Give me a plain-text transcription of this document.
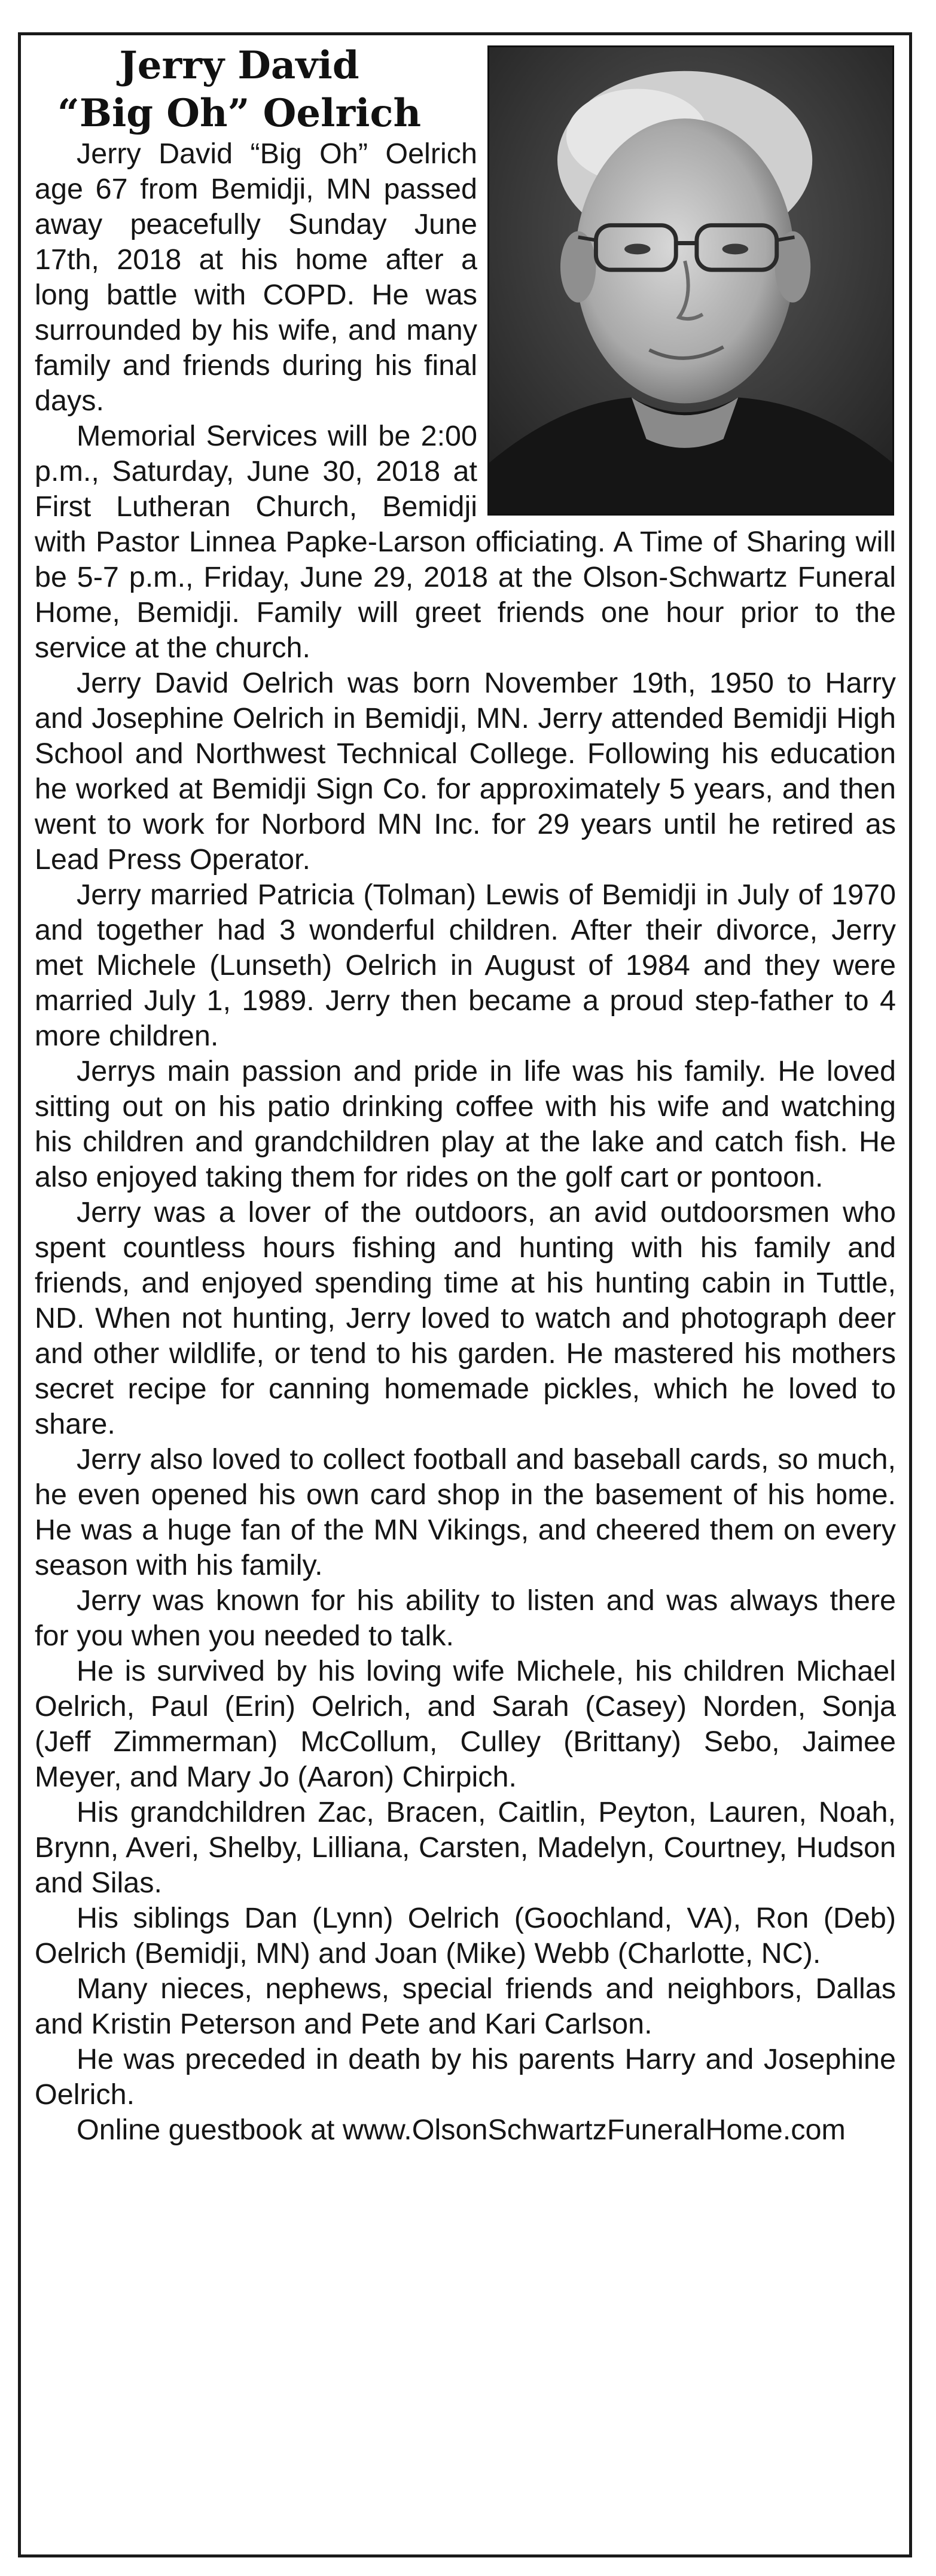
Jerry David
“Big Oh” Oelrich

Jerry David “Big Oh” Oelrich age 67 from Bemidji, MN passed away peacefully Sunday June 17th, 2018 at his home after a long battle with COPD. He was surrounded by his wife, and many family and friends during his final days.

Memorial Services will be 2:00 p.m., Saturday, June 30, 2018 at First Lutheran Church, Bemidji with Pastor Linnea Papke-Larson officiating. A Time of Sharing will be 5-7 p.m., Friday, June 29, 2018 at the Olson-Schwartz Funeral Home, Bemidji. Family will greet friends one hour prior to the service at the church.

Jerry David Oelrich was born November 19th, 1950 to Harry and Josephine Oelrich in Bemidji, MN. Jerry attended Bemidji High School and Northwest Technical College. Following his education he worked at Bemidji Sign Co. for approximately 5 years, and then went to work for Norbord MN Inc. for 29 years until he retired as Lead Press Operator.

Jerry married Patricia (Tolman) Lewis of Bemidji in July of 1970 and together had 3 wonderful children. After their divorce, Jerry met Michele (Lunseth) Oelrich in August of 1984 and they were married July 1, 1989. Jerry then became a proud step-father to 4 more children.

Jerrys main passion and pride in life was his family. He loved sitting out on his patio drinking coffee with his wife and watching his children and grandchildren play at the lake and catch fish. He also enjoyed taking them for rides on the golf cart or pontoon.

Jerry was a lover of the outdoors, an avid outdoorsmen who spent countless hours fishing and hunting with his family and friends, and enjoyed spending time at his hunting cabin in Tuttle, ND. When not hunting, Jerry loved to watch and photograph deer and other wildlife, or tend to his garden. He mastered his mothers secret recipe for canning homemade pickles, which he loved to share.

Jerry also loved to collect football and baseball cards, so much, he even opened his own card shop in the basement of his home. He was a huge fan of the MN Vikings, and cheered them on every season with his family.

Jerry was known for his ability to listen and was always there for you when you needed to talk.

He is survived by his loving wife Michele, his children Michael Oelrich, Paul (Erin) Oelrich, and Sarah (Casey) Norden, Sonja (Jeff Zimmerman) McCollum, Culley (Brittany) Sebo, Jaimee Meyer, and Mary Jo (Aaron) Chirpich.

His grandchildren Zac, Bracen, Caitlin, Peyton, Lauren, Noah, Brynn, Averi, Shelby, Lilliana, Carsten, Madelyn, Courtney, Hudson and Silas.

His siblings Dan (Lynn) Oelrich (Goochland, VA), Ron (Deb) Oelrich (Bemidji, MN) and Joan (Mike) Webb (Charlotte, NC).

Many nieces, nephews, special friends and neighbors, Dallas and Kristin Peterson and Pete and Kari Carlson.

He was preceded in death by his parents Harry and Josephine Oelrich.

Online guestbook at www.OlsonSchwartzFuneralHome.com
